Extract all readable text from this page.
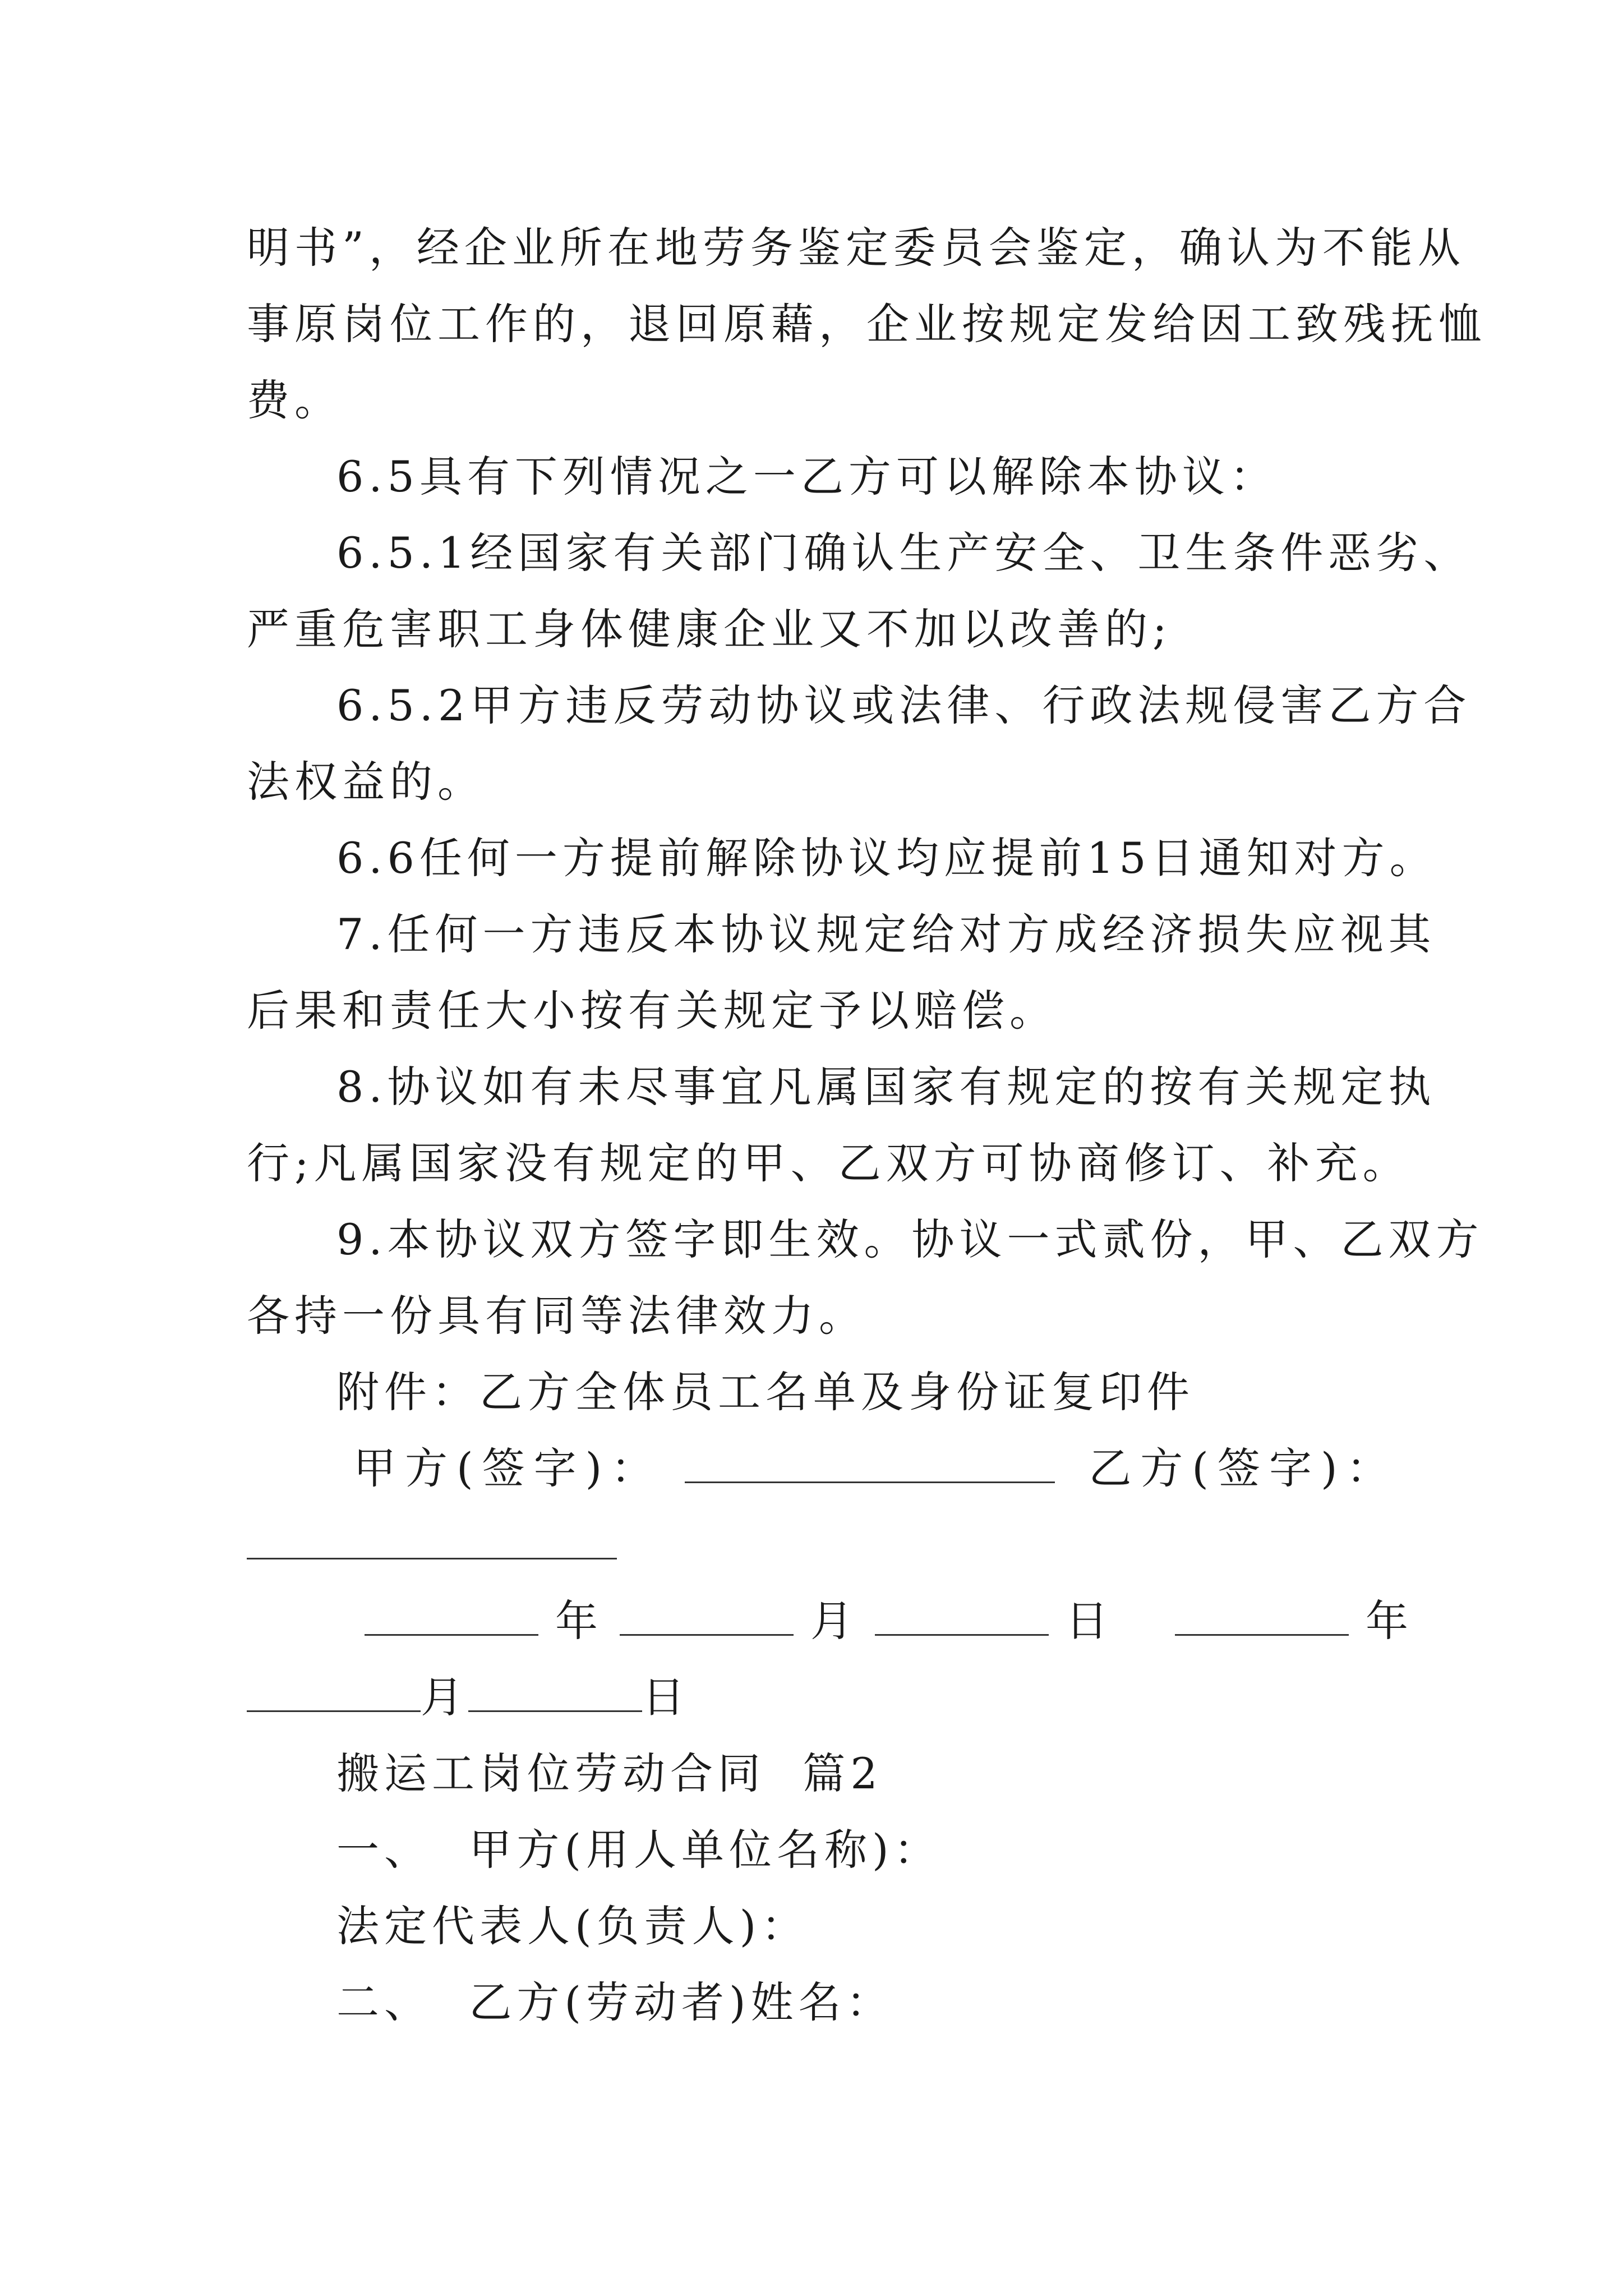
明书”，经企业所在地劳务鉴定委员会鉴定，确认为不能从
事原岗位工作的，退回原藉，企业按规定发给因工致残抚恤
费。
6.5具有下列情况之一乙方可以解除本协议：
6.5.1经国家有关部门确认生产安全、卫生条件恶劣、
严重危害职工身体健康企业又不加以改善的;
6.5.2甲方违反劳动协议或法律、行政法规侵害乙方合
法权益的。
6.6任何一方提前解除协议均应提前15日通知对方。
7.任何一方违反本协议规定给对方成经济损失应视其
后果和责任大小按有关规定予以赔偿。
8.协议如有未尽事宜凡属国家有规定的按有关规定执
行;凡属国家没有规定的甲、乙双方可协商修订、补充。
9.本协议双方签字即生效。协议一式贰份，甲、乙双方
各持一份具有同等法律效力。
附件：乙方全体员工名单及身份证复印件
甲方(签字)：	乙方(签字)：
年	月	日	年
月	日
搬运工岗位劳动合同  篇2
一、  甲方(用人单位名称)：
法定代表人(负责人)：
二、  乙方(劳动者)姓名：
